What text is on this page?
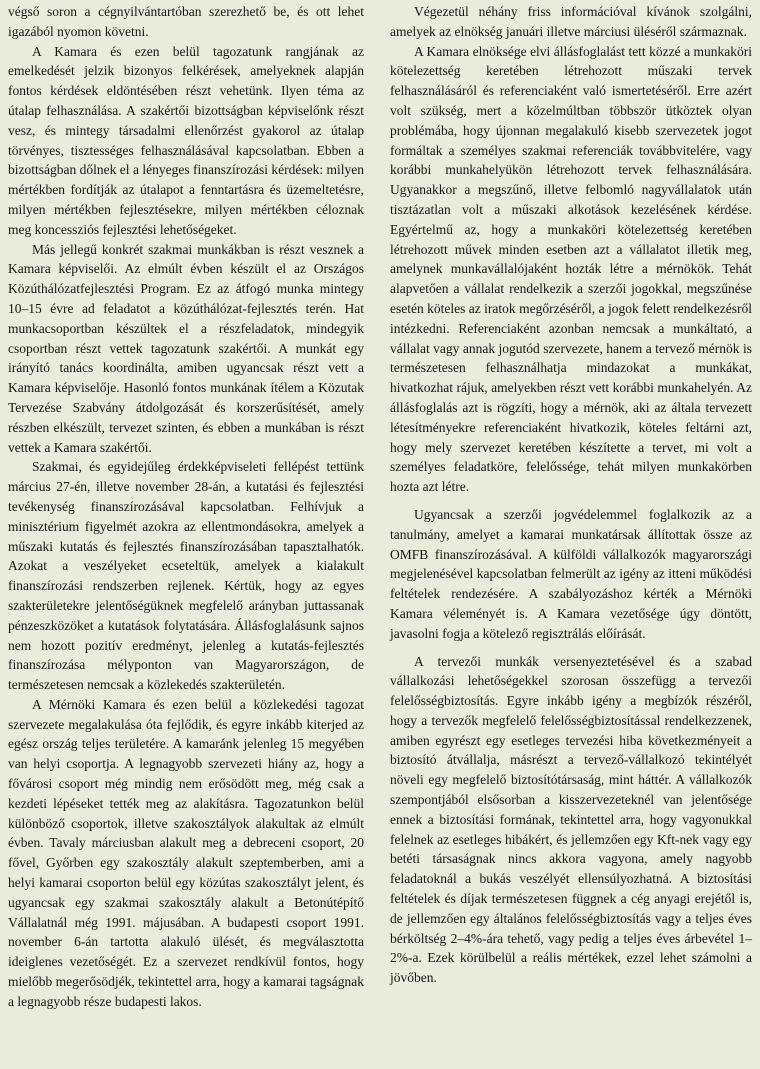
végső soron a cégnyilvántartóban szerezhető be, és ott lehet igazából nyomon követni.

A Kamara és ezen belül tagozatunk rangjának az emelkedését jelzik bizonyos felkérések, amelyeknek alapján fontos kérdések eldöntésében részt vehetünk. Ilyen téma az útalap felhasználása. A szakértői bizottságban képviselőnk részt vesz, és mintegy társadalmi ellenőrzést gyakorol az útalap törvényes, tisztességes felhasználásával kapcsolatban. Ebben a bizottságban dőlnek el a lényeges finanszírozási kérdések: milyen mértékben fordítják az útalapot a fenntartásra és üzemeltetésre, milyen mértékben fejlesztésekre, milyen mértékben céloznak meg koncessziós fejlesztési lehetőségeket.

Más jellegű konkrét szakmai munkákban is részt vesznek a Kamara képviselői. Az elmúlt évben készült el az Országos Közúthálózatfejlesztési Program. Ez az átfogó munka mintegy 10–15 évre ad feladatot a közúthálózat-fejlesztés terén. Hat munkacsoportban készültek el a részfeladatok, mindegyik csoportban részt vettek tagozatunk szakértői. A munkát egy irányító tanács koordinálta, amiben ugyancsak részt vett a Kamara képviselője. Hasonló fontos munkának ítélem a Közutak Tervezése Szabvány átdolgozását és korszerűsítését, amely részben elkészült, tervezet szinten, és ebben a munkában is részt vettek a Kamara szakértői.

Szakmai, és egyidejűleg érdekképviseleti fellépést tettünk március 27-én, illetve november 28-án, a kutatási és fejlesztési tevékenység finanszírozásával kapcsolatban. Felhívjuk a minisztérium figyelmét azokra az ellentmondásokra, amelyek a műszaki kutatás és fejlesztés finanszírozásában tapasztalhatók. Azokat a veszélyeket ecseteltük, amelyek a kialakult finanszírozási rendszerben rejlenek. Kértük, hogy az egyes szakterületekre jelentőségüknek megfelelő arányban juttassanak pénzeszközöket a kutatások folytatására. Állásfoglalásunk sajnos nem hozott pozitív eredményt, jelenleg a kutatás-fejlesztés finanszírozása mélyponton van Magyarországon, de természetesen nemcsak a közlekedés szakterületén.

A Mérnöki Kamara és ezen belül a közlekedési tagozat szervezete megalakulása óta fejlődik, és egyre inkább kiterjed az egész ország teljes területére. A kamaránk jelenleg 15 megyében van helyi csoportja. A legnagyobb szervezeti hiány az, hogy a fővárosi csoport még mindig nem erősödött meg, még csak a kezdeti lépéseket tették meg az alakításra. Tagozatunkon belül különböző csoportok, illetve szakosztályok alakultak az elmúlt évben. Tavaly márciusban alakult meg a debreceni csoport, 20 fővel, Győrben egy szakosztály alakult szeptemberben, ami a helyi kamarai csoporton belül egy közútas szakosztályt jelent, és ugyancsak egy szakmai szakosztály alakult a Betonútépítő Vállalatnál még 1991. májusában. A budapesti csoport 1991. november 6-án tartotta alakuló ülését, és megválasztotta ideiglenes vezetőségét. Ez a szervezet rendkívül fontos, hogy mielőbb megerősödjék, tekintettel arra, hogy a kamarai tagságnak a legnagyobb része budapesti lakos.

Végezetül néhány friss információval kívánok szolgálni, amelyek az elnökség januári illetve márciusi üléséről származnak.

A Kamara elnöksége elvi állásfoglalást tett közzé a munkaköri kötelezettség keretében létrehozott műszaki tervek felhasználásáról és referenciaként való ismertetéséről. Erre azért volt szükség, mert a közelmúltban többször ütköztek olyan problémába, hogy újonnan megalakuló kisebb szervezetek jogot formáltak a személyes szakmai referenciák továbbvitelére, vagy korábbi munkahelyükön létrehozott tervek felhasználására. Ugyanakkor a megszűnő, illetve felbomló nagyvállalatok után tisztázatlan volt a műszaki alkotások kezelésének kérdése. Egyértelmű az, hogy a munkaköri kötelezettség keretében létrehozott művek minden esetben azt a vállalatot illetik meg, amelynek munkavállalójaként hozták létre a mérnökök. Tehát alapvetően a vállalat rendelkezik a szerzői jogokkal, megszűnése esetén köteles az iratok megőrzéséről, a jogok felett rendelkezésről intézkedni. Referenciaként azonban nemcsak a munkáltató, a vállalat vagy annak jogutód szervezete, hanem a tervező mérnök is természetesen felhasználhatja mindazokat a munkákat, hivatkozhat rájuk, amelyekben részt vett korábbi munkahelyén. Az állásfoglalás azt is rögzíti, hogy a mérnök, aki az általa tervezett létesítményekre referenciaként hivatkozik, köteles feltárni azt, hogy mely szervezet keretében készítette a tervet, mi volt a személyes feladatköre, felelőssége, tehát milyen munkakörben hozta azt létre.

Ugyancsak a szerzői jogvédelemmel foglalkozik az a tanulmány, amelyet a kamarai munkatársak állítottak össze az OMFB finanszírozásával. A külföldi vállalkozók magyarországi megjelenésével kapcsolatban felmerült az igény az itteni működési feltételek rendezésére. A szabályozáshoz kérték a Mérnöki Kamara véleményét is. A Kamara vezetősége úgy döntött, javasolni fogja a kötelező regisztrálás előírását.

A tervezői munkák versenyeztetésével és a szabad vállalkozási lehetőségekkel szorosan összefügg a tervezői felelősségbiztosítás. Egyre inkább igény a megbízók részéről, hogy a tervezők megfelelő felelősségbiztosítással rendelkezzenek, amiben egyrészt egy esetleges tervezési hiba következményeit a biztosító átvállalja, másrészt a tervező-vállalkozó tekintélyét növeli egy megfelelő biztosítótársaság, mint háttér. A vállalkozók szempontjából elsősorban a kisszervezeteknél van jelentősége ennek a biztosítási formának, tekintettel arra, hogy vagyonukkal felelnek az esetleges hibákért, és jellemzően egy Kft-nek vagy egy betéti társaságnak nincs akkora vagyona, amely nagyobb feladatoknál a bukás veszélyét ellensúlyozhatná. A biztosítási feltételek és díjak természetesen függnek a cég anyagi erejétől is, de jellemzően egy általános felelősségbiztosítás vagy a teljes éves bérköltség 2–4%-ára tehető, vagy pedig a teljes éves árbevétel 1–2%-a. Ezek körülbelül a reális mértékek, ezzel lehet számolni a jövőben.
